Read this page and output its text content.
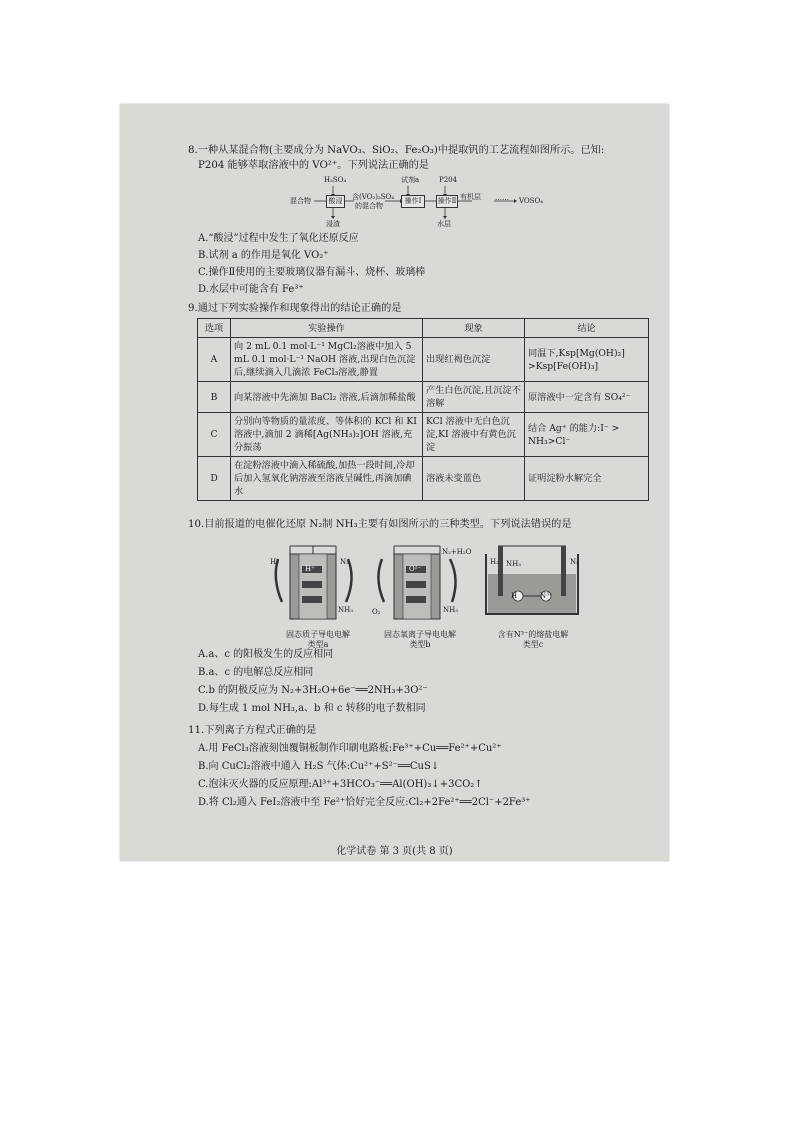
8.一种从某混合物(主要成分为 NaVO₃、SiO₂、Fe₂O₃)中提取钒的工艺流程如图所示。已知:
P204 能够萃取溶液中的 VO²⁺。下列说法正确的是
混合物
H₂SO₄
酸浸
浸渣
含(VO₂)₂SO₄
的混合物
试剂a
操作Ⅰ
P204
操作Ⅱ 有机层
水层
…… VOSO₄
A.“酸浸”过程中发生了氧化还原反应
B.试剂 a 的作用是氧化 VO₂⁺
C.操作Ⅱ使用的主要玻璃仪器有漏斗、烧杯、玻璃棒
D.水层中可能含有 Fe³⁺
9.通过下列实验操作和现象得出的结论正确的是
选项	实验操作	现象	结论
A	向 2 mL 0.1 mol·L⁻¹ MgCl₂溶液中加入 5 mL 0.1 mol·L⁻¹ NaOH 溶液,出现白色沉淀后,继续滴入几滴浓 FeCl₃溶液,静置	出现红褐色沉淀	同温下,Ksp[Mg(OH)₂] >Ksp[Fe(OH)₃]
B	向某溶液中先滴加 BaCl₂ 溶液,后滴加稀盐酸	产生白色沉淀,且沉淀不溶解	原溶液中一定含有 SO₄²⁻
C	分别向等物质的量浓度、等体积的 KCl 和 KI 溶液中,滴加 2 滴稀[Ag(NH₃)₂]OH 溶液,充分振荡	KCl 溶液中无白色沉淀,KI 溶液中有黄色沉淀	结合 Ag⁺ 的能力:I⁻ > NH₃>Cl⁻
D	在淀粉溶液中滴入稀硫酸,加热一段时间,冷却后加入氢氧化钠溶液至溶液呈碱性,再滴加碘水	溶液未变蓝色	证明淀粉水解完全
10.目前报道的电催化还原 N₂制 NH₃主要有如图所示的三种类型。下列说法错误的是
H₂	N₂
NH₃
H⁺
固态质子导电电解
类型a
O₂
N₂+H₂O
NH₃
O²⁻
固态氧离子导电电解
类型b
H₂	N₂
NH₃
H	N³⁻
含有N³⁻的熔盐电解
类型c
A.a、c 的阳极发生的反应相同
B.a、c 的电解总反应相同
C.b 的阴极反应为 N₂+3H₂O+6e⁻══2NH₃+3O²⁻
D.每生成 1 mol NH₃,a、b 和 c 转移的电子数相同
11.下列离子方程式正确的是
A.用 FeCl₃溶液刻蚀覆铜板制作印刷电路板:Fe³⁺+Cu══Fe²⁺+Cu²⁺
B.向 CuCl₂溶液中通入 H₂S 气体:Cu²⁺+S²⁻══CuS↓
C.泡沫灭火器的反应原理:Al³⁺+3HCO₃⁻══Al(OH)₃↓+3CO₂↑
D.将 Cl₂通入 FeI₂溶液中至 Fe²⁺恰好完全反应:Cl₂+2Fe²⁺══2Cl⁻+2Fe³⁺
化学试卷 第 3 页(共 8 页)
